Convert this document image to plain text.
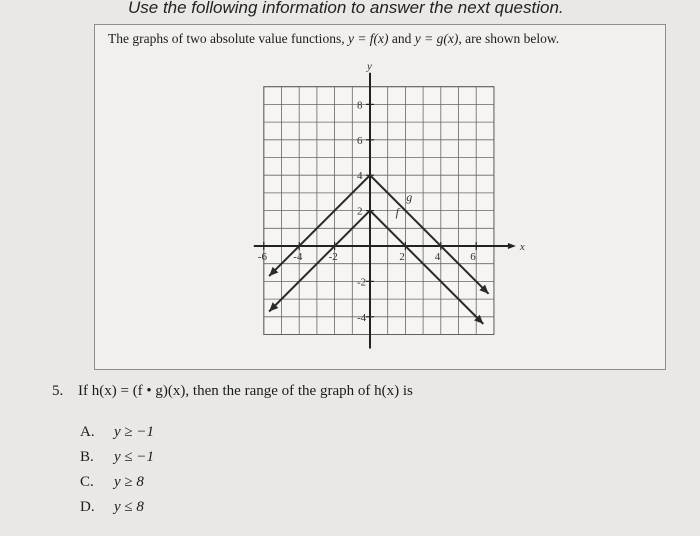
Use the following information to answer the next question.
The graphs of two absolute value functions, y = f(x) and y = g(x), are shown below.
x
y
-6 -4 -2	2	4	6
8
6
4
2
-2
-4
f
g
5. If h(x) = (f • g)(x), then the range of the graph of h(x) is
A.	y ≥ −1
B.	y ≤ −1
C.	y ≥ 8
D.	y ≤ 8
